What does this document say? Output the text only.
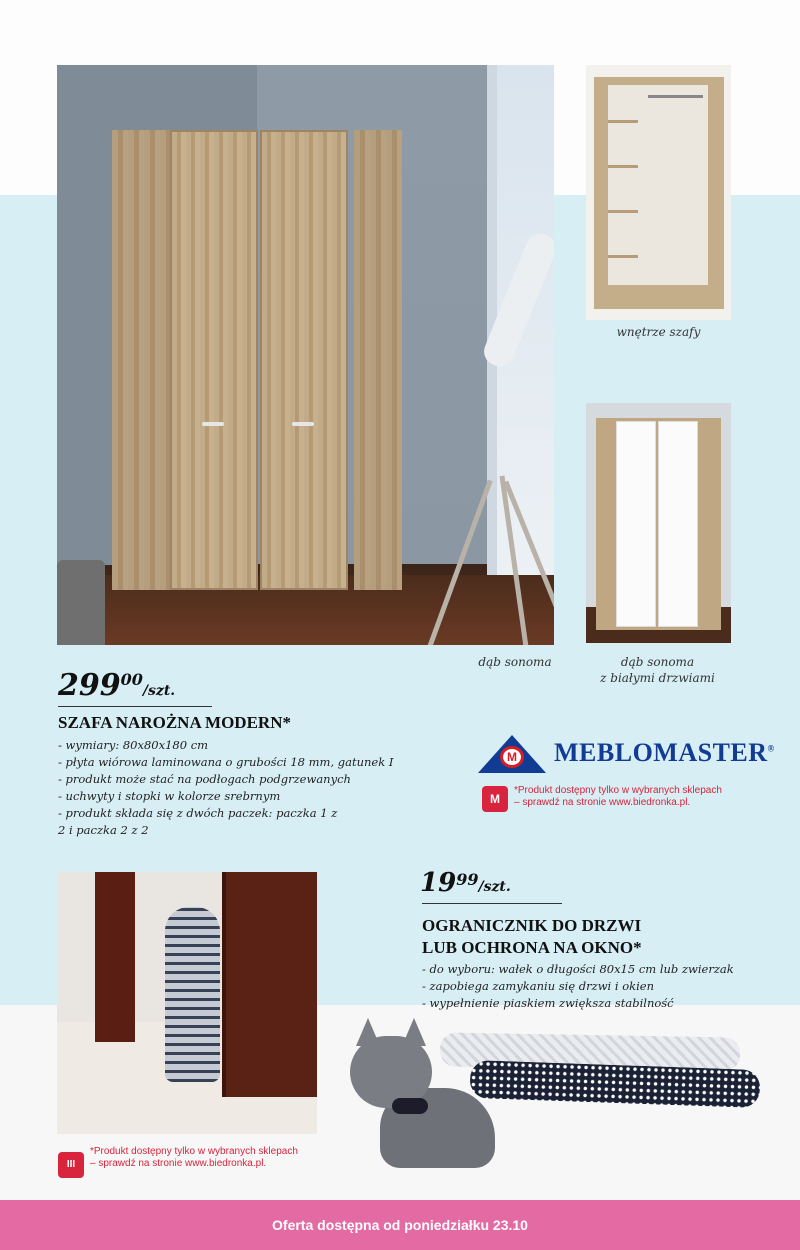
wnętrze szafy
dąb sonoma	dąb sonoma
z białymi drzwiami
29900/szt.
SZAFA NAROŻNA MODERN*
- wymiary: 80x80x180 cm
- płyta wiórowa laminowana o grubości 18 mm, gatunek I
- produkt może stać na podłogach podgrzewanych
- uchwyty i stopki w kolorze srebrnym
- produkt składa się z dwóch paczek: paczka 1 z 2 i paczka 2 z 2
M MEBLOMASTER®
M
*Produkt dostępny tylko w wybranych sklepach
– sprawdź na stronie www.biedronka.pl.
1999/szt.
OGRANICZNIK DO DRZWI
LUB OCHRONA NA OKNO*
- do wyboru: wałek o długości 80x15 cm lub zwierzak
- zapobiega zamykaniu się drzwi i okien
- wypełnienie piaskiem zwiększa stabilność
III
*Produkt dostępny tylko w wybranych sklepach
– sprawdź na stronie www.biedronka.pl.
Oferta dostępna od poniedziałku 23.10
